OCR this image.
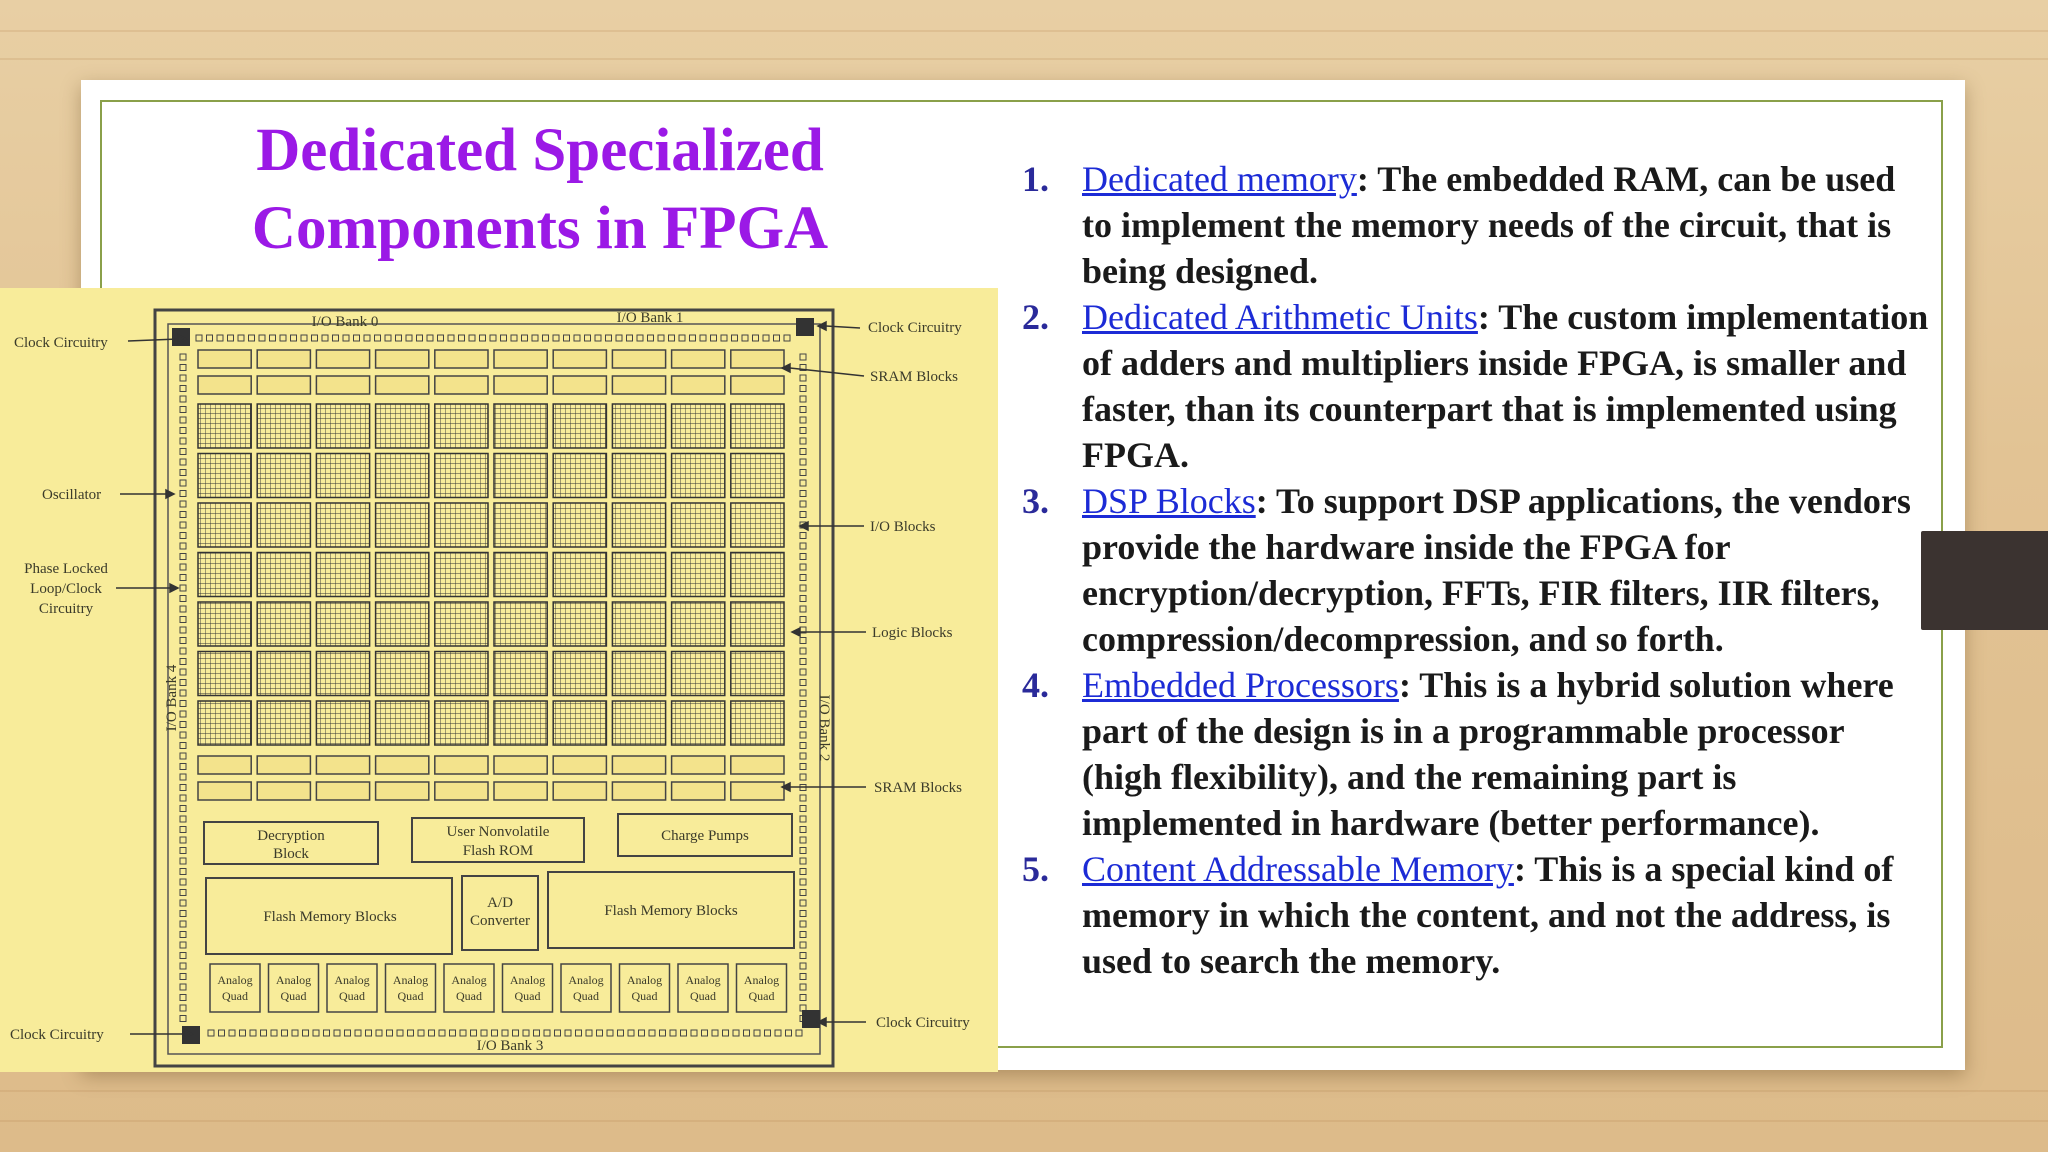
Dedicated Specialized
Components in FPGA
Decryption
Block
User Nonvolatile
Flash ROM
Charge Pumps
Flash Memory Blocks
A/D
Converter
Flash Memory Blocks
Analog
Quad
Analog
Quad
Analog
Quad
Analog
Quad
Analog
Quad
Analog
Quad
Analog
Quad
Analog
Quad
Analog
Quad
Analog
Quad
I/O Bank 0	I/O Bank 1
I/O Bank 3
I/O Bank 4	I/O Bank 2
Clock Circuitry
Clock Circuitry
SRAM Blocks
Oscillator
I/O Blocks
Phase Locked
Loop/Clock
Circuitry
Logic Blocks
SRAM Blocks
Clock Circuitry
Clock Circuitry
1. Dedicated memory: The embedded RAM, can be used to implement the memory needs of the circuit, that is being designed.
2. Dedicated Arithmetic Units: The custom implementation of adders and multipliers inside FPGA, is smaller and faster, than its counterpart that is implemented using FPGA.
3. DSP Blocks: To support DSP applications, the vendors provide the hardware inside the FPGA for encryption/decryption, FFTs, FIR filters, IIR filters, compression/decompression, and so forth.
4. Embedded Processors: This is a hybrid solution where part of the design is in a programmable processor (high flexibility), and the remaining part is implemented in hardware (better performance).
5. Content Addressable Memory: This is a special kind of memory in which the content, and not the address, is used to search the memory.
